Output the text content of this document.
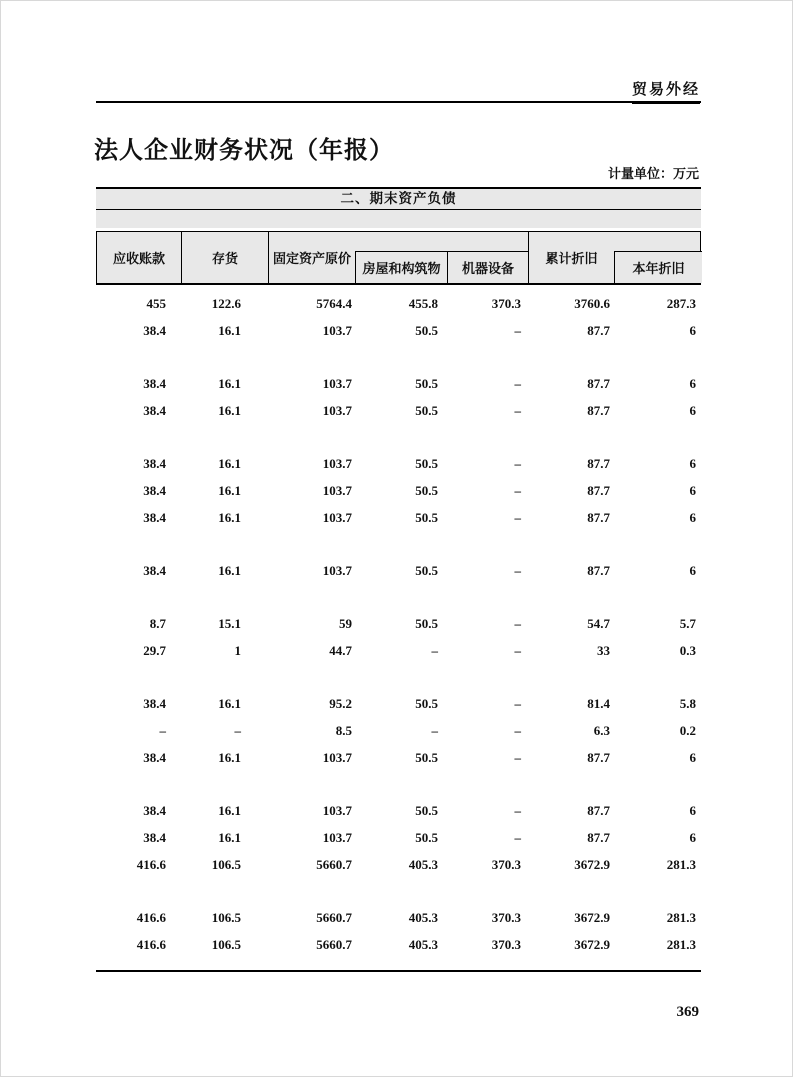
贸易外经
法人企业财务状况（年报）
计量单位：万元
二、期末资产负债
应收账款	存货	固定资产原价
房屋和构筑物	机器设备
累计折旧
本年折旧
455	122.6	5764.4	455.8	370.3	3760.6	287.3
38.4	16.1	103.7	50.5	–	87.7	6
38.4	16.1	103.7	50.5	–	87.7	6
38.4	16.1	103.7	50.5	–	87.7	6
38.4	16.1	103.7	50.5	–	87.7	6
38.4	16.1	103.7	50.5	–	87.7	6
38.4	16.1	103.7	50.5	–	87.7	6
38.4	16.1	103.7	50.5	–	87.7	6
8.7	15.1	59	50.5	–	54.7	5.7
29.7	1	44.7	–	–	33	0.3
38.4	16.1	95.2	50.5	–	81.4	5.8
–	–	8.5	–	–	6.3	0.2
38.4	16.1	103.7	50.5	–	87.7	6
38.4	16.1	103.7	50.5	–	87.7	6
38.4	16.1	103.7	50.5	–	87.7	6
416.6	106.5	5660.7	405.3	370.3	3672.9	281.3
416.6	106.5	5660.7	405.3	370.3	3672.9	281.3
416.6	106.5	5660.7	405.3	370.3	3672.9	281.3
369
